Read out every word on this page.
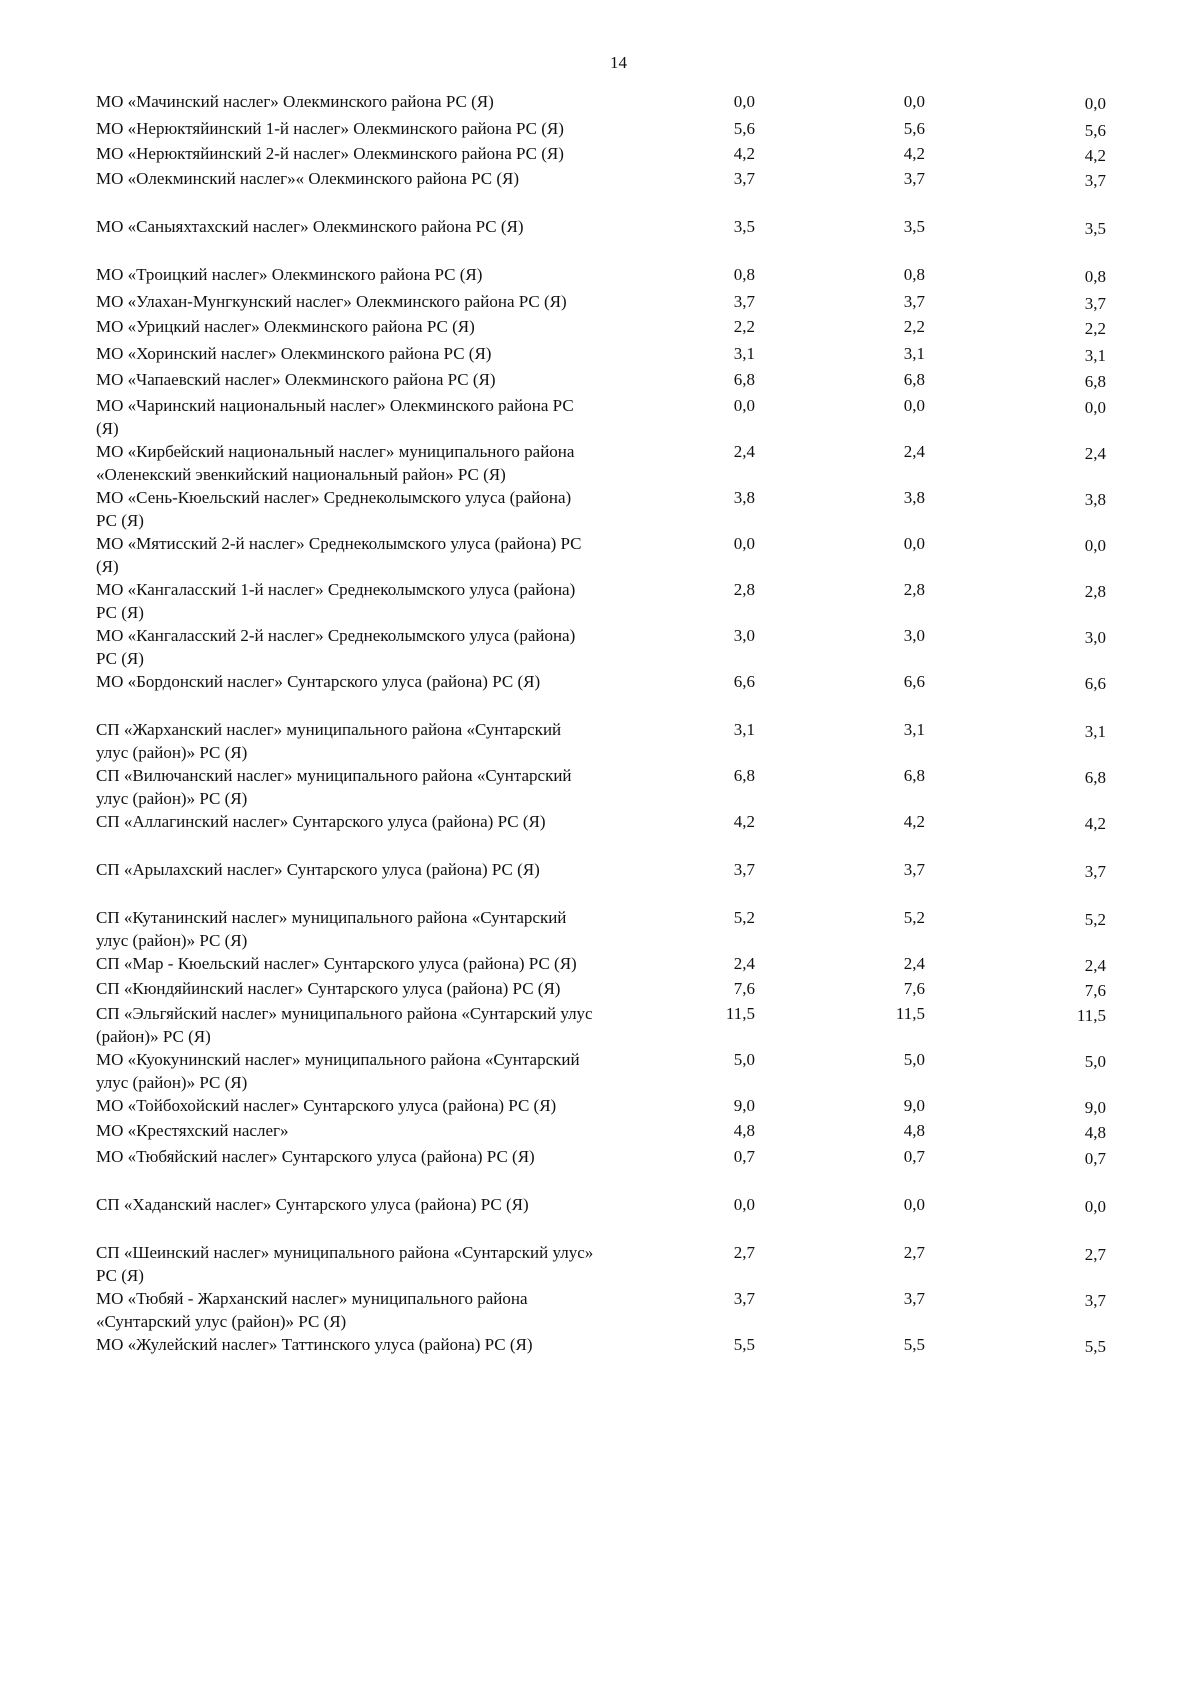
14
МО «Мачинский наслег» Олекминского района РС (Я)	0,0	0,0	0,0
МО «Нерюктяйинский 1-й наслег» Олекминского района РС (Я)	5,6	5,6	5,6
МО «Нерюктяйинский 2-й наслег» Олекминского района РС (Я)	4,2	4,2	4,2
МО «Олекминский наслег»« Олекминского района РС (Я)	3,7	3,7	3,7
МО «Саныяхтахский наслег» Олекминского района РС (Я)	3,5	3,5	3,5
МО «Троицкий наслег» Олекминского района РС (Я)	0,8	0,8	0,8
МО «Улахан-Мунгкунский наслег» Олекминского района РС (Я)	3,7	3,7	3,7
МО «Урицкий наслег» Олекминского района РС (Я)	2,2	2,2	2,2
МО «Хоринский наслег» Олекминского района РС (Я)	3,1	3,1	3,1
МО «Чапаевский наслег» Олекминского района РС (Я)	6,8	6,8	6,8
МО «Чаринский национальный наслег» Олекминского района РС (Я)
0,0	0,0	0,0
МО «Кирбейский национальный наслег» муниципального района «Оленекский эвенкийский национальный район» РС (Я)
2,4	2,4	2,4
МО «Сень-Кюельский наслег» Среднеколымского улуса (района) РС (Я)
3,8	3,8	3,8
МО «Мятисский 2-й наслег» Среднеколымского улуса (района) РС (Я)
0,0	0,0	0,0
МО «Кангаласский 1-й наслег» Среднеколымского улуса (района) РС (Я)
2,8	2,8	2,8
МО «Кангаласский 2-й наслег» Среднеколымского улуса (района) РС (Я)
3,0	3,0	3,0
МО «Бордонский наслег» Сунтарского улуса (района) РС (Я)	6,6	6,6	6,6
СП «Жарханский наслег» муниципального района «Сунтарский улус (район)» РС (Я)
3,1	3,1	3,1
СП «Вилючанский наслег» муниципального района «Сунтарский улус (район)» РС (Я)
6,8	6,8	6,8
СП «Аллагинский наслег» Сунтарского улуса (района) РС (Я)	4,2	4,2	4,2
СП «Арылахский наслег» Сунтарского улуса (района) РС (Я)	3,7	3,7	3,7
СП «Кутанинский наслег» муниципального района «Сунтарский улус (район)» РС (Я)
5,2	5,2	5,2
СП «Мар - Кюельский наслег» Сунтарского улуса (района) РС (Я)	2,4	2,4	2,4
СП «Кюндяйинский наслег» Сунтарского улуса (района) РС (Я)	7,6	7,6	7,6
СП «Эльгяйский наслег» муниципального района «Сунтарский улус (район)» РС (Я)
11,5	11,5	11,5
МО «Куокунинский наслег» муниципального района «Сунтарский улус (район)» РС (Я)
5,0	5,0	5,0
МО «Тойбохойский наслег» Сунтарского улуса (района) РС (Я)	9,0	9,0	9,0
МО «Крестяхский наслег»	4,8	4,8	4,8
МО «Тюбяйский наслег» Сунтарского улуса (района) РС (Я)	0,7	0,7	0,7
СП «Хаданский наслег» Сунтарского улуса (района) РС (Я)	0,0	0,0	0,0
СП «Шеинский наслег» муниципального района «Сунтарский улус» РС (Я)
2,7	2,7	2,7
МО «Тюбяй - Жарханский наслег» муниципального района «Сунтарский улус (район)» РС (Я)
3,7	3,7	3,7
МО «Жулейский наслег» Таттинского улуса (района) РС (Я)	5,5	5,5	5,5
